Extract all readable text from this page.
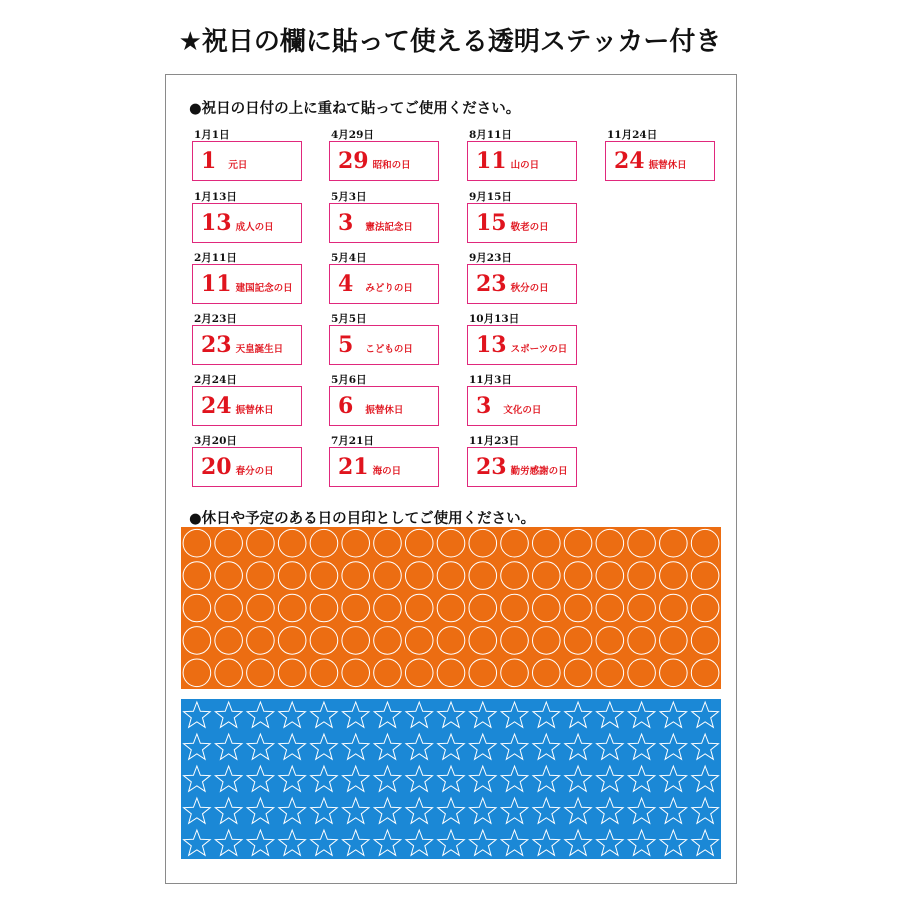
★祝日の欄に貼って使える透明ステッカー付き
●祝日の日付の上に重ねて貼ってご使用ください。
1月1日
1 元日
1月13日
13 成人の日
2月11日
11 建国記念の日
2月23日
23 天皇誕生日
2月24日
24 振替休日
3月20日
20 春分の日
4月29日
29 昭和の日
5月3日
3 憲法記念日
5月4日
4 みどりの日
5月5日
5 こどもの日
5月6日
6 振替休日
7月21日
21 海の日
8月11日
11 山の日
9月15日
15 敬老の日
9月23日
23 秋分の日
10月13日
13 スポーツの日
11月3日
3 文化の日
11月23日
23 勤労感謝の日
11月24日
24 振替休日
●休日や予定のある日の目印としてご使用ください。
